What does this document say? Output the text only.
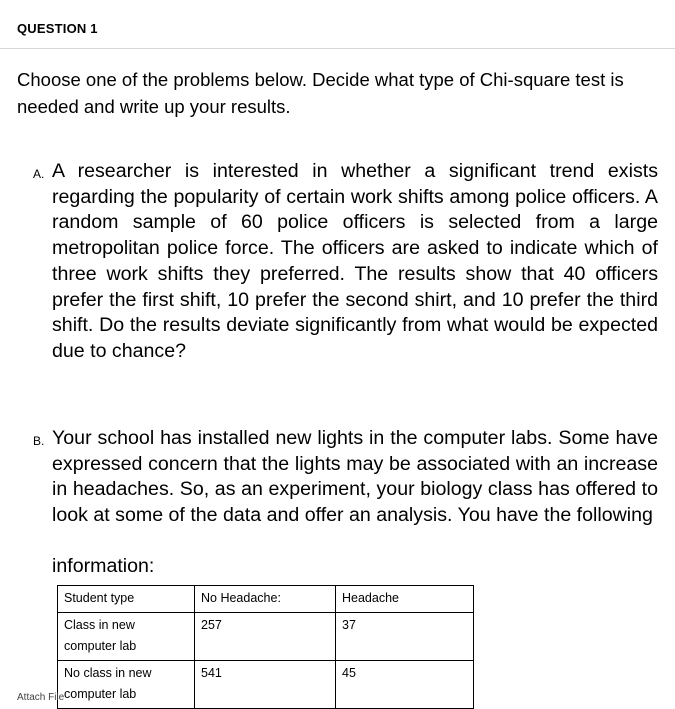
QUESTION 1
Choose one of the problems below. Decide what type of Chi-square test is needed and write up your results.
A. A researcher is interested in whether a significant trend exists regarding the popularity of certain work shifts among police officers. A random sample of 60 police officers is selected from a large metropolitan police force. The officers are asked to indicate which of three work shifts they preferred. The results show that 40 officers prefer the first shift, 10 prefer the second shirt, and 10 prefer the third shift. Do the results deviate significantly from what would be expected due to chance?
B. Your school has installed new lights in the computer labs. Some have expressed concern that the lights may be associated with an increase in headaches. So, as an experiment, your biology class has offered to look at some of the data and offer an analysis. You have the following
information:
Student type	No Headache:	Headache
Class in new computer lab	257	37
No class in new computer lab	541	45
Attach File
